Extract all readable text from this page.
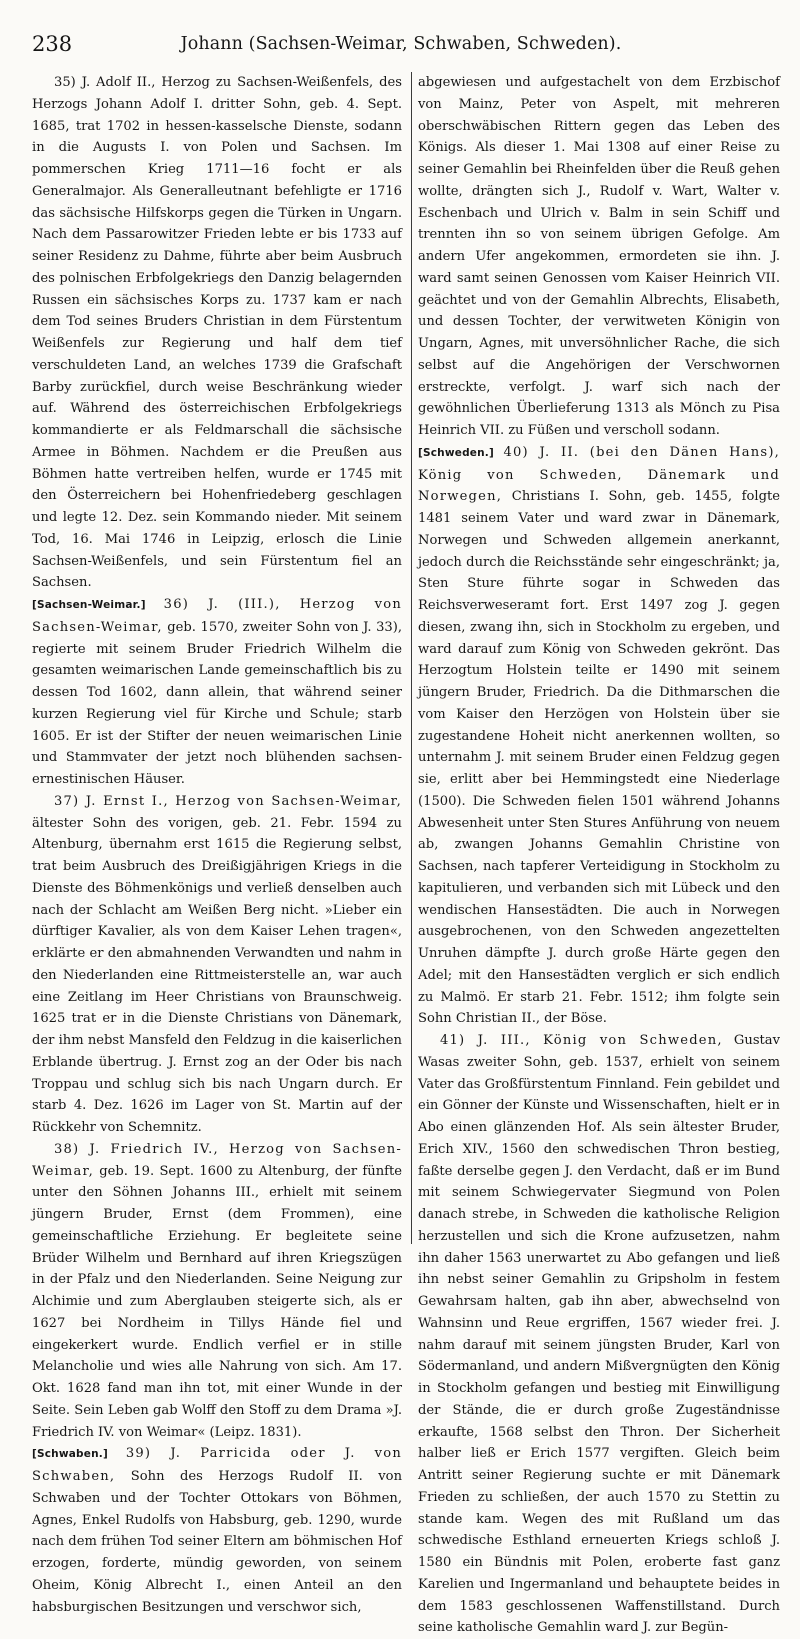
238	Johann (Sachsen-Weimar, Schwaben, Schweden).

35) J. Adolf II., Herzog zu Sachsen-Weißenfels, des Herzogs Johann Adolf I. dritter Sohn, geb. 4. Sept. 1685, trat 1702 in hessen-kasselsche Dienste, sodann in die Augusts I. von Polen und Sachsen. Im pommerschen Krieg 1711—16 focht er als Generalmajor. Als Generalleutnant befehligte er 1716 das sächsische Hilfskorps gegen die Türken in Ungarn. Nach dem Passarowitzer Frieden lebte er bis 1733 auf seiner Residenz zu Dahme, führte aber beim Ausbruch des polnischen Erbfolgekriegs den Danzig belagernden Russen ein sächsisches Korps zu. 1737 kam er nach dem Tod seines Bruders Christian in dem Fürstentum Weißenfels zur Regierung und half dem tief verschuldeten Land, an welches 1739 die Grafschaft Barby zurückfiel, durch weise Beschränkung wieder auf. Während des österreichischen Erbfolgekriegs kommandierte er als Feldmarschall die sächsische Armee in Böhmen. Nachdem er die Preußen aus Böhmen hatte vertreiben helfen, wurde er 1745 mit den Österreichern bei Hohenfriedeberg geschlagen und legte 12. Dez. sein Kommando nieder. Mit seinem Tod, 16. Mai 1746 in Leipzig, erlosch die Linie Sachsen-Weißenfels, und sein Fürstentum fiel an Sachsen.

[ Sachsen-Weimar. ] 36) J. (III.), Herzog von Sachsen-Weimar, geb. 1570, zweiter Sohn von J. 33), regierte mit seinem Bruder Friedrich Wilhelm die gesamten weimarischen Lande gemeinschaftlich bis zu dessen Tod 1602, dann allein, that während seiner kurzen Regierung viel für Kirche und Schule; starb 1605. Er ist der Stifter der neuen weimarischen Linie und Stammvater der jetzt noch blühenden sachsen-ernestinischen Häuser.

37) J. Ernst I., Herzog von Sachsen-Weimar, ältester Sohn des vorigen, geb. 21. Febr. 1594 zu Altenburg, übernahm erst 1615 die Regierung selbst, trat beim Ausbruch des Dreißigjährigen Kriegs in die Dienste des Böhmenkönigs und verließ denselben auch nach der Schlacht am Weißen Berg nicht. »Lieber ein dürftiger Kavalier, als von dem Kaiser Lehen tragen«, erklärte er den abmahnenden Verwandten und nahm in den Niederlanden eine Rittmeisterstelle an, war auch eine Zeitlang im Heer Christians von Braunschweig. 1625 trat er in die Dienste Christians von Dänemark, der ihm nebst Mansfeld den Feldzug in die kaiserlichen Erblande übertrug. J. Ernst zog an der Oder bis nach Troppau und schlug sich bis nach Ungarn durch. Er starb 4. Dez. 1626 im Lager von St. Martin auf der Rückkehr von Schemnitz.

38) J. Friedrich IV., Herzog von Sachsen-Weimar, geb. 19. Sept. 1600 zu Altenburg, der fünfte unter den Söhnen Johanns III., erhielt mit seinem jüngern Bruder, Ernst (dem Frommen), eine gemeinschaftliche Erziehung. Er begleitete seine Brüder Wilhelm und Bernhard auf ihren Kriegszügen in der Pfalz und den Niederlanden. Seine Neigung zur Alchimie und zum Aberglauben steigerte sich, als er 1627 bei Nordheim in Tillys Hände fiel und eingekerkert wurde. Endlich verfiel er in stille Melancholie und wies alle Nahrung von sich. Am 17. Okt. 1628 fand man ihn tot, mit einer Wunde in der Seite. Sein Leben gab Wolff den Stoff zu dem Drama »J. Friedrich IV. von Weimar« (Leipz. 1831).

[ Schwaben. ] 39) J. Parricida oder J. von Schwaben, Sohn des Herzogs Rudolf II. von Schwaben und der Tochter Ottokars von Böhmen, Agnes, Enkel Rudolfs von Habsburg, geb. 1290, wurde nach dem frühen Tod seiner Eltern am böhmischen Hof erzogen, forderte, mündig geworden, von seinem Oheim, König Albrecht I., einen Anteil an den habsburgischen Besitzungen und verschwor sich,

abgewiesen und aufgestachelt von dem Erzbischof von Mainz, Peter von Aspelt, mit mehreren oberschwäbischen Rittern gegen das Leben des Königs. Als dieser 1. Mai 1308 auf einer Reise zu seiner Gemahlin bei Rheinfelden über die Reuß gehen wollte, drängten sich J., Rudolf v. Wart, Walter v. Eschenbach und Ulrich v. Balm in sein Schiff und trennten ihn so von seinem übrigen Gefolge. Am andern Ufer angekommen, ermordeten sie ihn. J. ward samt seinen Genossen vom Kaiser Heinrich VII. geächtet und von der Gemahlin Albrechts, Elisabeth, und dessen Tochter, der verwitweten Königin von Ungarn, Agnes, mit unversöhnlicher Rache, die sich selbst auf die Angehörigen der Verschwornen erstreckte, verfolgt. J. warf sich nach der gewöhnlichen Überlieferung 1313 als Mönch zu Pisa Heinrich VII. zu Füßen und verscholl sodann.

[ Schweden. ] 40) J. II. (bei den Dänen Hans), König von Schweden, Dänemark und Norwegen, Christians I. Sohn, geb. 1455, folgte 1481 seinem Vater und ward zwar in Dänemark, Norwegen und Schweden allgemein anerkannt, jedoch durch die Reichsstände sehr eingeschränkt; ja, Sten Sture führte sogar in Schweden das Reichsverweseramt fort. Erst 1497 zog J. gegen diesen, zwang ihn, sich in Stockholm zu ergeben, und ward darauf zum König von Schweden gekrönt. Das Herzogtum Holstein teilte er 1490 mit seinem jüngern Bruder, Friedrich. Da die Dithmarschen die vom Kaiser den Herzögen von Holstein über sie zugestandene Hoheit nicht anerkennen wollten, so unternahm J. mit seinem Bruder einen Feldzug gegen sie, erlitt aber bei Hemmingstedt eine Niederlage (1500). Die Schweden fielen 1501 während Johanns Abwesenheit unter Sten Stures Anführung von neuem ab, zwangen Johanns Gemahlin Christine von Sachsen, nach tapferer Verteidigung in Stockholm zu kapitulieren, und verbanden sich mit Lübeck und den wendischen Hansestädten. Die auch in Norwegen ausgebrochenen, von den Schweden angezettelten Unruhen dämpfte J. durch große Härte gegen den Adel; mit den Hansestädten verglich er sich endlich zu Malmö. Er starb 21. Febr. 1512; ihm folgte sein Sohn Christian II., der Böse.

41) J. III., König von Schweden, Gustav Wasas zweiter Sohn, geb. 1537, erhielt von seinem Vater das Großfürstentum Finnland. Fein gebildet und ein Gönner der Künste und Wissenschaften, hielt er in Abo einen glänzenden Hof. Als sein ältester Bruder, Erich XIV., 1560 den schwedischen Thron bestieg, faßte derselbe gegen J. den Verdacht, daß er im Bund mit seinem Schwiegervater Siegmund von Polen danach strebe, in Schweden die katholische Religion herzustellen und sich die Krone aufzusetzen, nahm ihn daher 1563 unerwartet zu Abo gefangen und ließ ihn nebst seiner Gemahlin zu Gripsholm in festem Gewahrsam halten, gab ihn aber, abwechselnd von Wahnsinn und Reue ergriffen, 1567 wieder frei. J. nahm darauf mit seinem jüngsten Bruder, Karl von Södermanland, und andern Mißvergnügten den König in Stockholm gefangen und bestieg mit Einwilligung der Stände, die er durch große Zugeständnisse erkaufte, 1568 selbst den Thron. Der Sicherheit halber ließ er Erich 1577 vergiften. Gleich beim Antritt seiner Regierung suchte er mit Dänemark Frieden zu schließen, der auch 1570 zu Stettin zu stande kam. Wegen des mit Rußland um das schwedische Esthland erneuerten Kriegs schloß J. 1580 ein Bündnis mit Polen, eroberte fast ganz Karelien und Ingermanland und behauptete beides in dem 1583 geschlossenen Waffenstillstand. Durch seine katholische Gemahlin ward J. zur Begün-
